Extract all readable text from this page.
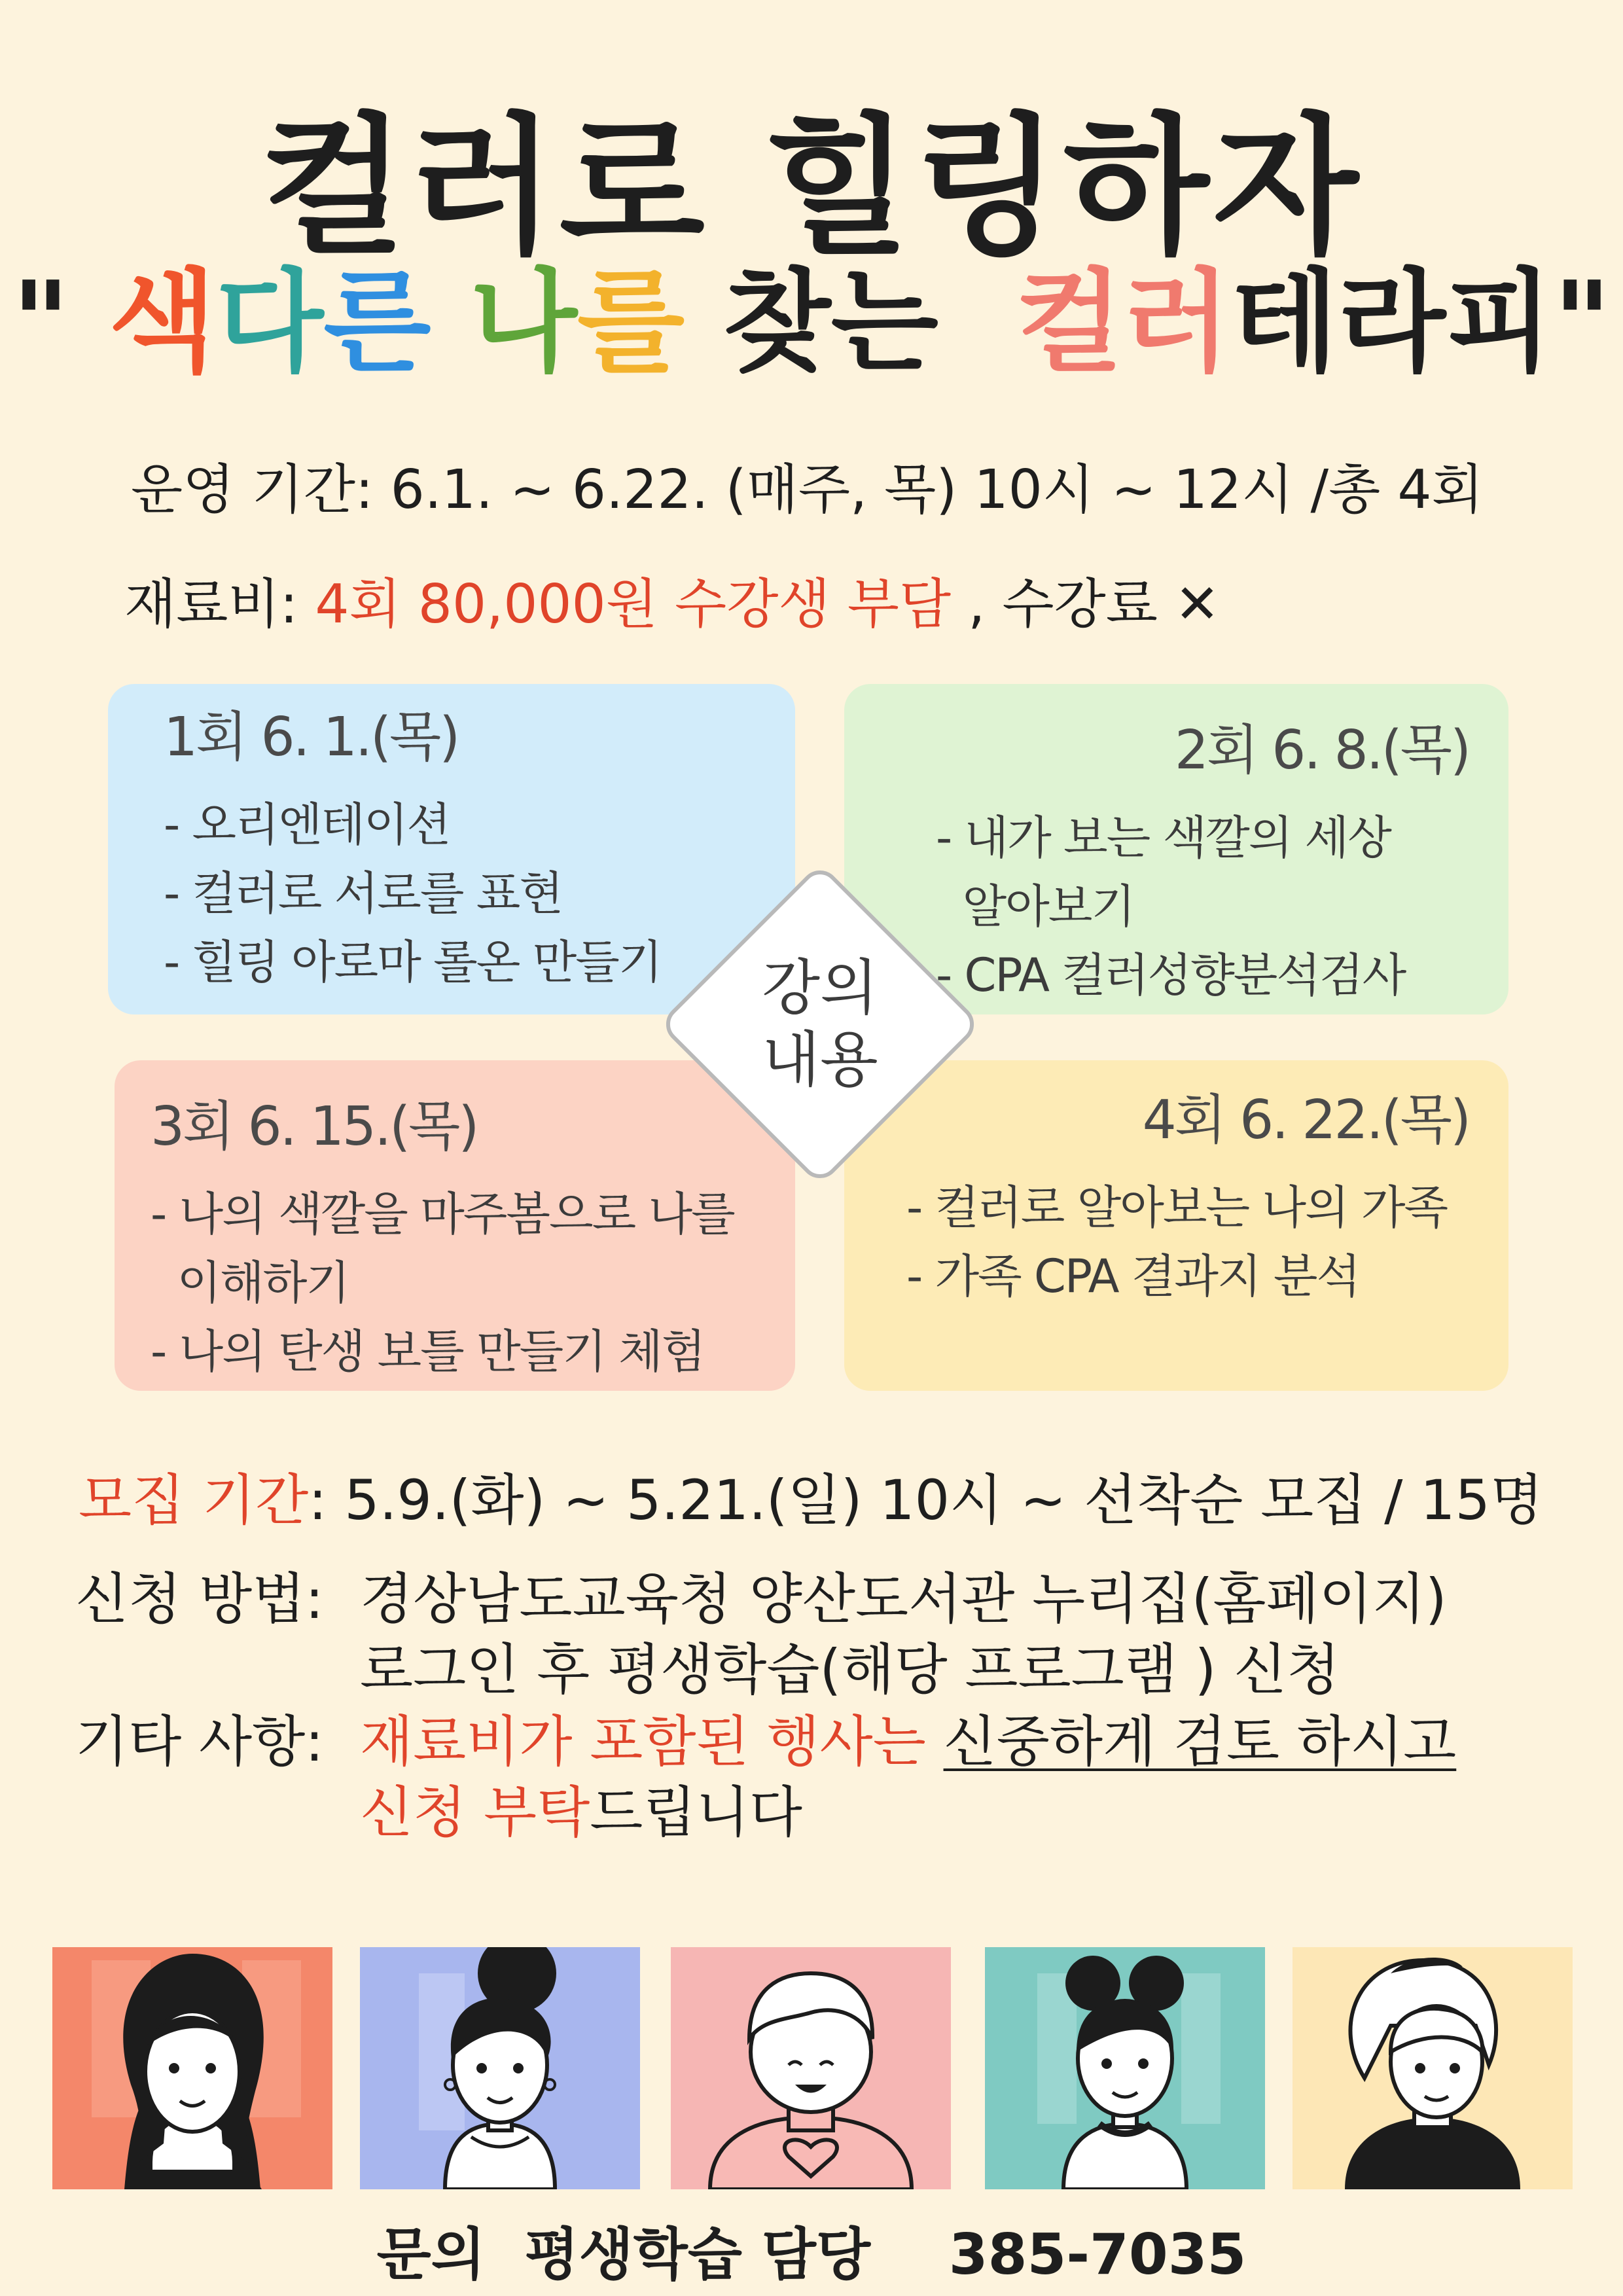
컬러로 힐링하자
" 색다른 나를 찾는  컬러테라피"
운영 기간: 6.1. ~ 6.22. (매주, 목) 10시 ~ 12시 /총 4회
재료비: 4회 80,000원 수강생 부담 , 수강료 ✕
1회 6. 1.(목)
- 오리엔테이션
- 컬러로 서로를 표현
- 힐링 아로마 롤온 만들기
2회 6. 8.(목)
- 내가 보는 색깔의 세상
알아보기
- CPA 컬러성향분석검사
3회 6. 15.(목)
- 나의 색깔을 마주봄으로 나를
이해하기
- 나의 탄생 보틀 만들기 체험
4회 6. 22.(목)
- 컬러로 알아보는 나의 가족
- 가족 CPA 결과지 분석
강의
내용
모집 기간: 5.9.(화) ~ 5.21.(일) 10시 ~ 선착순 모집 / 15명
신청 방법: 경상남도교육청 양산도서관 누리집(홈페이지)
로그인 후 평생학습(해당 프로그램 ) 신청
기타 사항: 재료비가 포함된 행사는 신중하게 검토 하시고
신청 부탁드립니다
문의  평생학습 담당    385-7035
